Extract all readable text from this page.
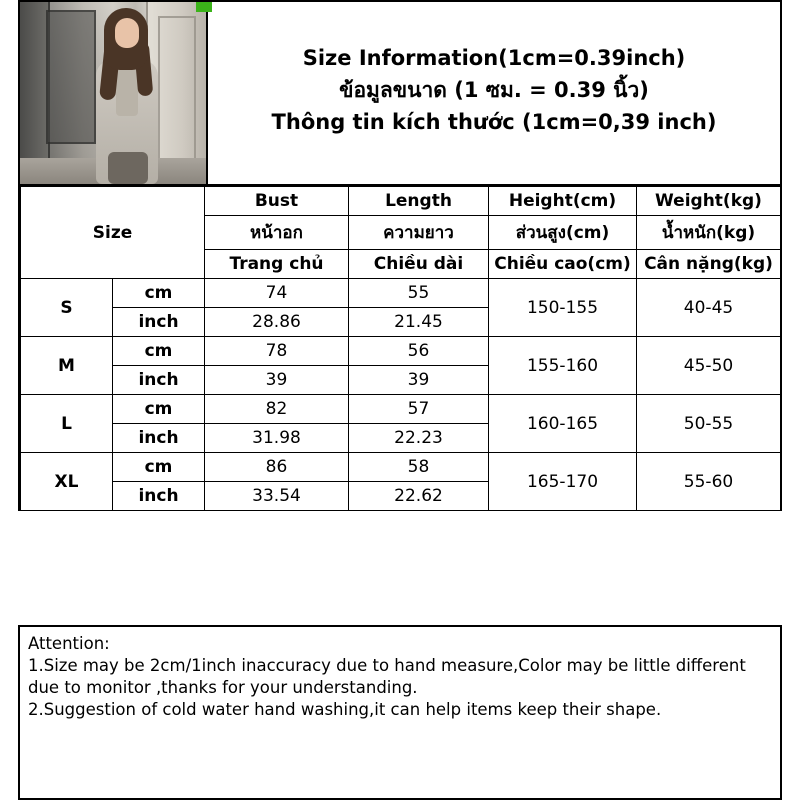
Size Information(1cm=0.39inch)
ข้อมูลขนาด (1 ซม. = 0.39 นิ้ว)
Thông tin kích thước (1cm=0,39 inch)
Size		Bust	Length	Height(cm)	Weight(kg)
		หน้าอก	ความยาว	ส่วนสูง(cm)	น้ำหนัก(kg)
		Trang chủ	Chiều dài	Chiều cao(cm)	Cân nặng(kg)
S	cm	74	55	150-155	40-45
	inch	28.86	21.45		
M	cm	78	56	155-160	45-50
	inch	39	39		
L	cm	82	57	160-165	50-55
	inch	31.98	22.23		
XL	cm	86	58	165-170	55-60
	inch	33.54	22.62		

Attention:

1.Size may be 2cm/1inch inaccuracy due to hand measure,Color may be little different

due to monitor ,thanks for your understanding.

2.Suggestion of cold water hand washing,it can help items keep their shape.
